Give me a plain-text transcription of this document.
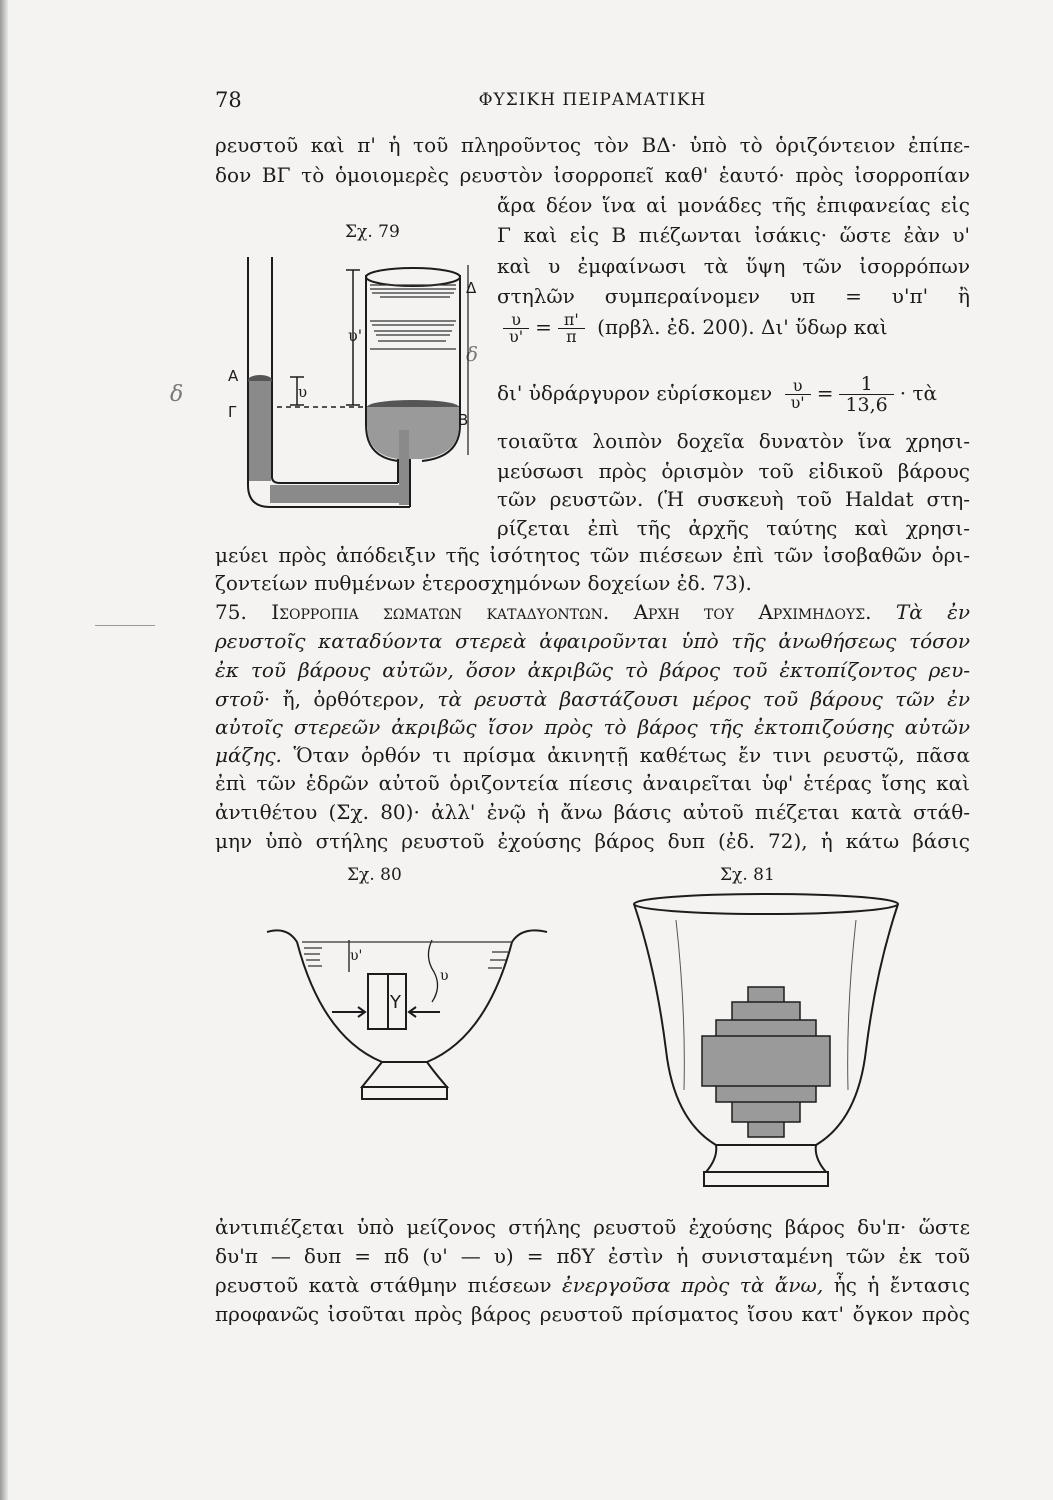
78	ΦΥΣΙΚΗ ΠΕΙΡΑΜΑΤΙΚΗ
ρευστοῦ καὶ π' ἡ τοῦ πληροῦντος τὸν ΒΔ· ὑπὸ τὸ ὁριζόντειον ἐπίπε-
δον ΒΓ τὸ ὁμοιομερὲς ρευστὸν ἰσορροπεῖ καθ' ἑαυτό· πρὸς ἰσορροπίαν
ἄρα δέον ἵνα αἱ μονάδες τῆς ἐπιφανείας εἰς
Γ καὶ εἰς Β πιέζωνται ἰσάκις· ὥστε ἐὰν υ'
καὶ υ ἐμφαίνωσι τὰ ὕψη τῶν ἰσορρόπων
στηλῶν συμπεραίνομεν υπ = υ'π' ἢ
$\frac{\upsilon}{\upsilon'} = \frac{\pi'}{\pi} (\pi\rho\beta\lambda$. ἐδ. 200). Δι' ὕδωρ καὶ
δι' ὑδράργυρον εὑρίσκομεν $\frac{\upsilon}{\upsilon'} = \frac{1}{13,6}$ · τὰ
τοιαῦτα λοιπὸν δοχεῖα δυνατὸν ἵνα χρησι-
μεύσωσι πρὸς ὁρισμὸν τοῦ εἰδικοῦ βάρους
τῶν ρευστῶν. (Ἡ συσκευὴ τοῦ Haldat στη-
ρίζεται ἐπὶ τῆς ἀρχῆς ταύτης καὶ χρησι-
μεύει πρὸς ἀπόδειξιν τῆς ἰσότητος τῶν πιέσεων ἐπὶ τῶν ἰσοβαθῶν ὁρι-
ζοντείων πυθμένων ἑτεροσχημόνων δοχείων ἐδ. 73).
75. Ισορροπια σωματων καταδυοντων. Αρχη του Αρχιμηδους. Τὰ ἐν
ρευστοῖς καταδύοντα στερεὰ ἀφαιροῦνται ὑπὸ τῆς ἀνωθήσεως τόσον
ἐκ τοῦ βάρους αὐτῶν, ὅσον ἀκριβῶς τὸ βάρος τοῦ ἐκτοπίζοντος ρευ-
στοῦ· ἤ, ὀρθότερον, τὰ ρευστὰ βαστάζουσι μέρος τοῦ βάρους τῶν ἐν
αὐτοῖς στερεῶν ἀκριβῶς ἴσον πρὸς τὸ βάρος τῆς ἐκτοπιζούσης αὐτῶν
μάζης. Ὅταν ὀρθόν τι πρίσμα ἀκινητῇ καθέτως ἔν τινι ρευστῷ, πᾶσα
ἐπὶ τῶν ἑδρῶν αὐτοῦ ὁριζοντεία πίεσις ἀναιρεῖται ὑφ' ἑτέρας ἴσης καὶ
ἀντιθέτου (Σχ. 80)· ἀλλ' ἐνῷ ἡ ἄνω βάσις αὐτοῦ πιέζεται κατὰ στάθ-
μην ὑπὸ στήλης ρευστοῦ ἐχούσης βάρος δυπ (ἐδ. 72), ἡ κάτω βάσις
ἀντιπιέζεται ὑπὸ μείζονος στήλης ρευστοῦ ἐχούσης βάρος δυ'π· ὥστε
δυ'π — δυπ = πδ (υ' — υ) = πδΥ ἐστὶν ἡ συνισταμένη τῶν ἐκ τοῦ
ρευστοῦ κατὰ στάθμην πιέσεων ἐνεργοῦσα πρὸς τὰ ἄνω, ἧς ἡ ἔντασις
προφανῶς ἰσοῦται πρὸς βάρος ρευστοῦ πρίσματος ἴσου κατ' ὄγκον πρὸς
Σχ. 79
Σχ. 80	Σχ. 81
δ
δ
Δ
Α
Γ	Β
υ'
υ
υ'
υ
Υ
